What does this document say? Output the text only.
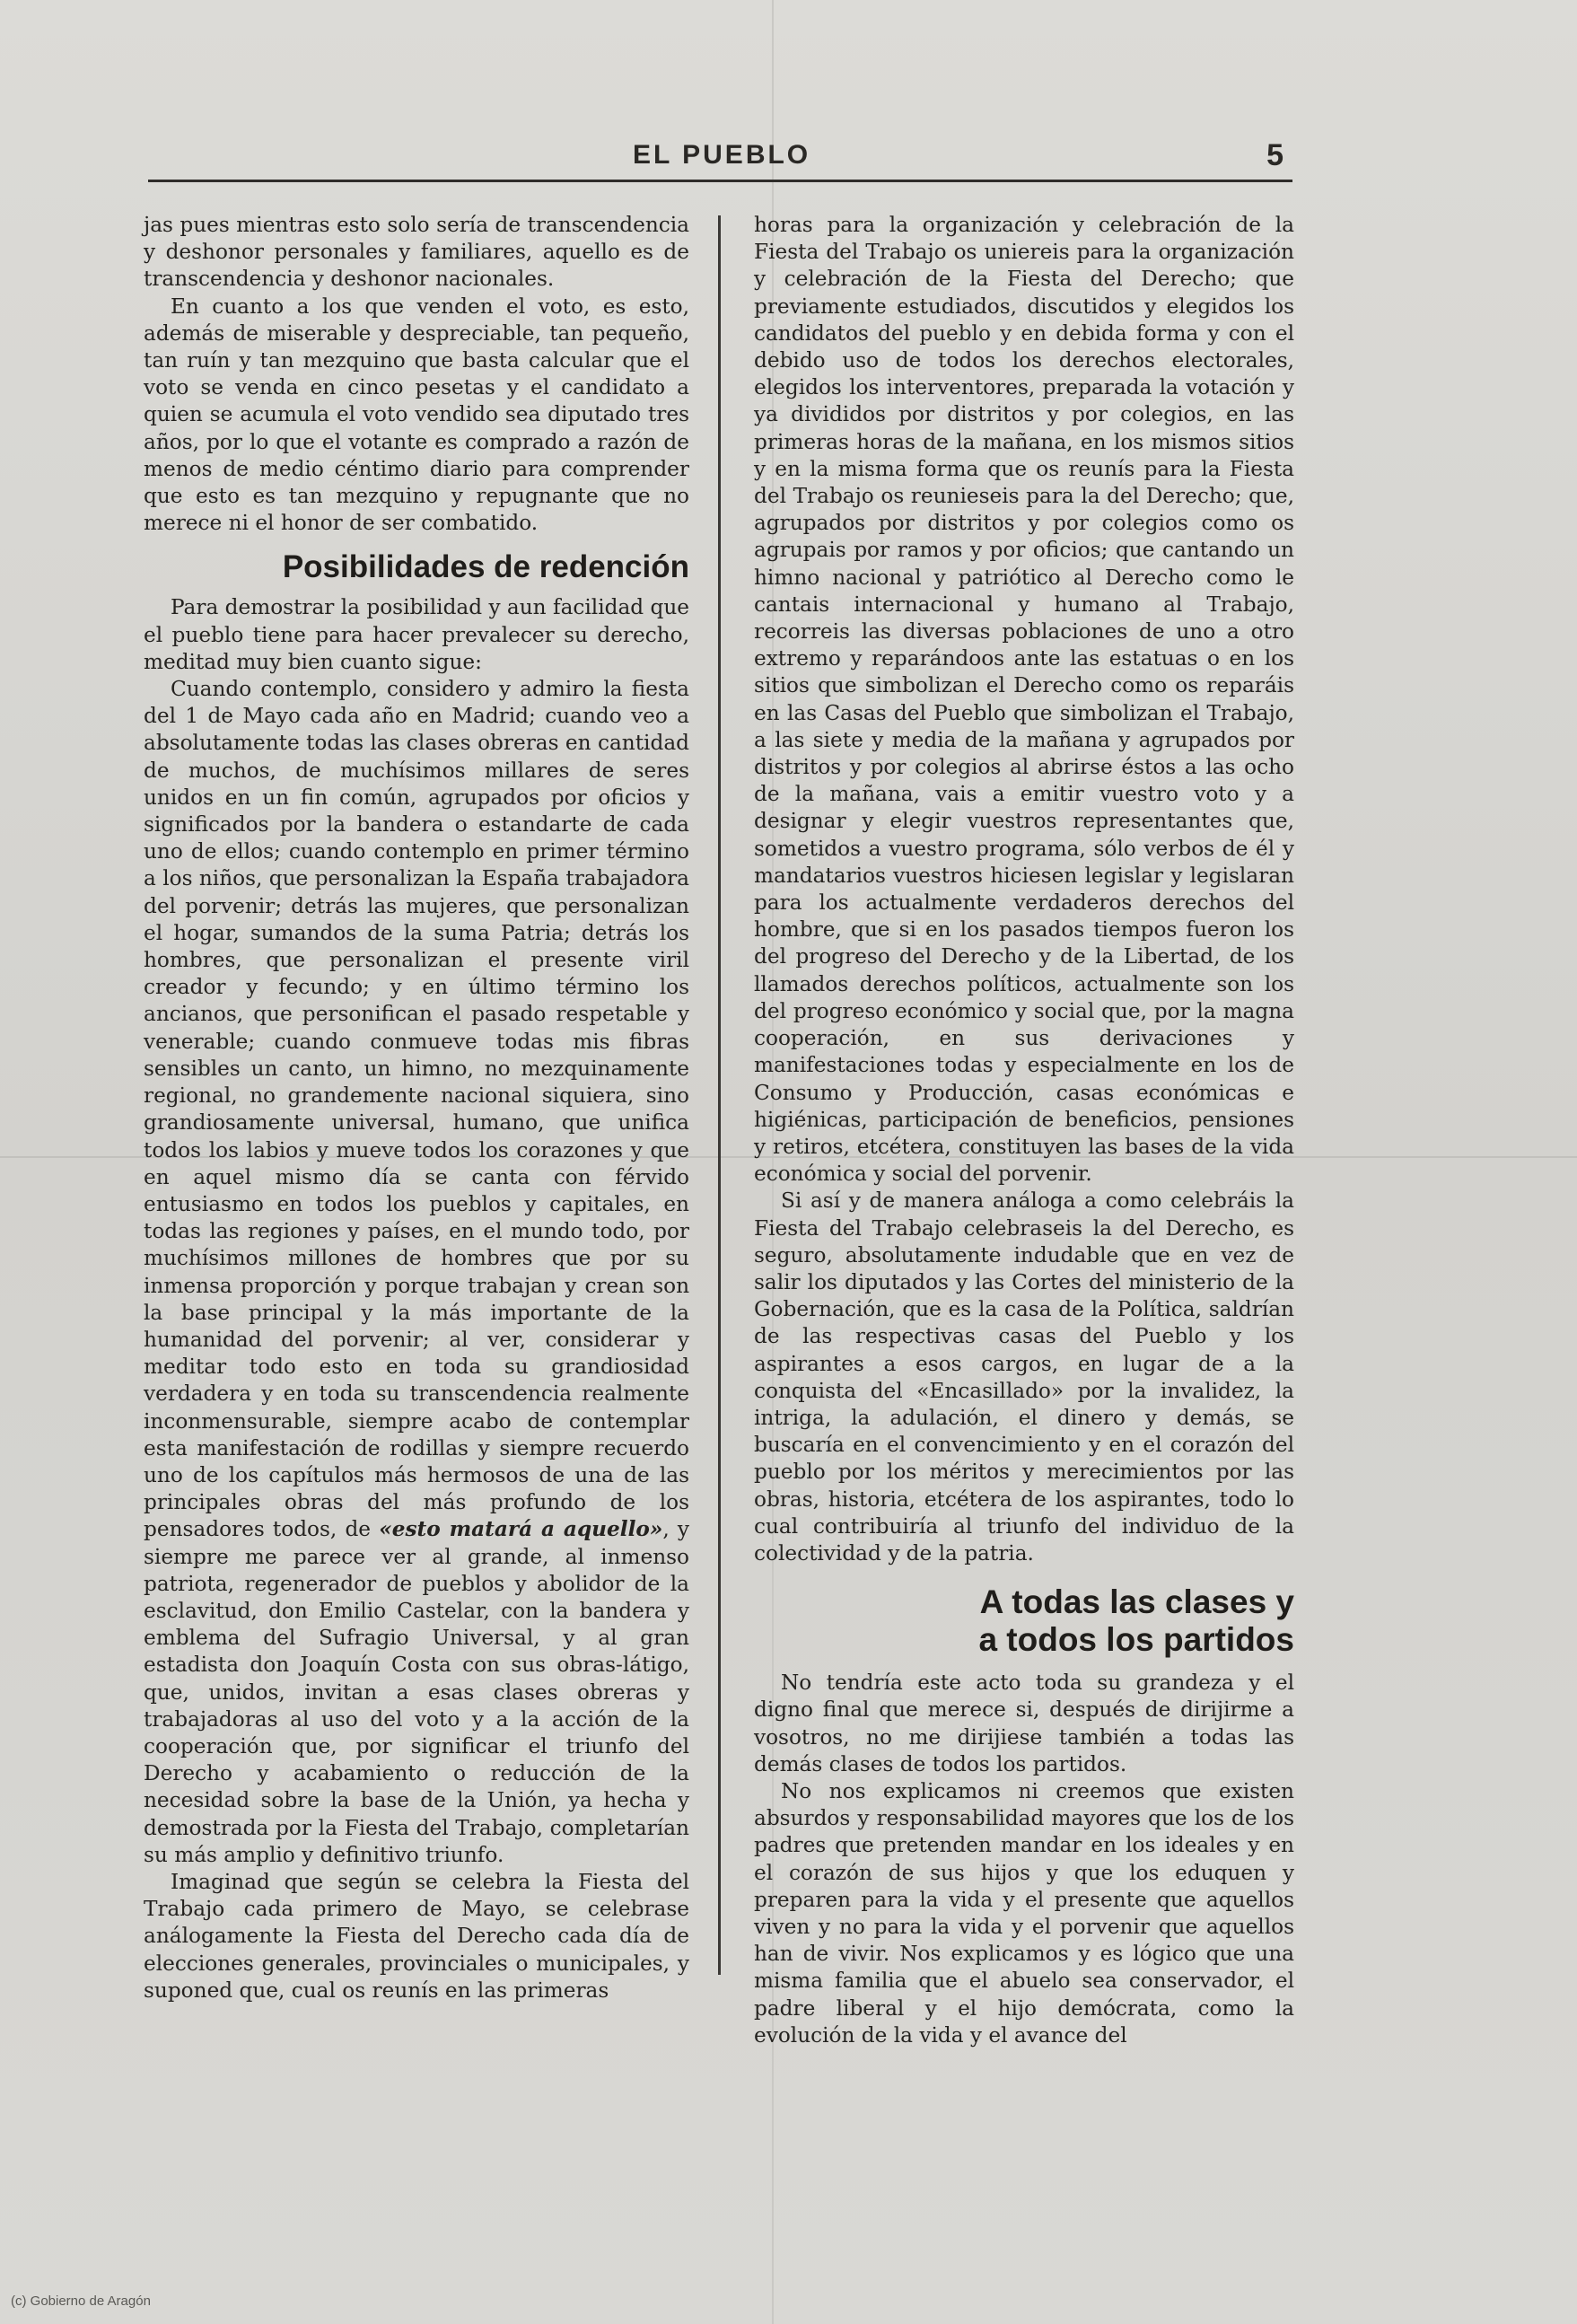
EL PUEBLO	5

jas pues mientras esto solo sería de transcendencia y deshonor personales y familiares, aquello es de transcendencia y deshonor nacionales.

En cuanto a los que venden el voto, es esto, además de miserable y despreciable, tan pequeño, tan ruín y tan mezquino que basta calcular que el voto se venda en cinco pesetas y el candidato a quien se acumula el voto vendido sea diputado tres años, por lo que el votante es comprado a razón de menos de medio céntimo diario para comprender que esto es tan mezquino y repugnante que no merece ni el honor de ser combatido.

Posibilidades de redención

Para demostrar la posibilidad y aun facilidad que el pueblo tiene para hacer prevalecer su derecho, meditad muy bien cuanto sigue:

Cuando contemplo, considero y admiro la fiesta del 1 de Mayo cada año en Madrid; cuando veo a absolutamente todas las clases obreras en cantidad de muchos, de muchísimos millares de seres unidos en un fin común, agrupados por oficios y significados por la bandera o estandarte de cada uno de ellos; cuando contemplo en primer término a los niños, que personalizan la España trabajadora del porvenir; detrás las mujeres, que personalizan el hogar, sumandos de la suma Patria; detrás los hombres, que personalizan el presente viril creador y fecundo; y en último término los ancianos, que personifican el pasado respetable y venerable; cuando conmueve todas mis fibras sensibles un canto, un himno, no mezquinamente regional, no grandemente nacional siquiera, sino grandiosamente universal, humano, que unifica todos los labios y mueve todos los corazones y que en aquel mismo día se canta con férvido entusiasmo en todos los pueblos y capitales, en todas las regiones y países, en el mundo todo, por muchísimos millones de hombres que por su inmensa proporción y porque trabajan y crean son la base principal y la más importante de la humanidad del porvenir; al ver, considerar y meditar todo esto en toda su grandiosidad verdadera y en toda su transcendencia realmente inconmensurable, siempre acabo de contemplar esta manifestación de rodillas y siempre recuerdo uno de los capítulos más hermosos de una de las principales obras del más profundo de los pensadores todos, de «esto matará a aquello», y siempre me parece ver al grande, al inmenso patriota, regenerador de pueblos y abolidor de la esclavitud, don Emilio Castelar, con la bandera y emblema del Sufragio Universal, y al gran estadista don Joaquín Costa con sus obras-látigo, que, unidos, invitan a esas clases obreras y trabajadoras al uso del voto y a la acción de la cooperación que, por significar el triunfo del Derecho y acabamiento o reducción de la necesidad sobre la base de la Unión, ya hecha y demostrada por la Fiesta del Trabajo, completarían su más amplio y definitivo triunfo.

Imaginad que según se celebra la Fiesta del Trabajo cada primero de Mayo, se celebrase análogamente la Fiesta del Derecho cada día de elecciones generales, provinciales o municipales, y suponed que, cual os reunís en las primeras

horas para la organización y celebración de la Fiesta del Trabajo os uniereis para la organización y celebración de la Fiesta del Derecho; que previamente estudiados, discutidos y elegidos los candidatos del pueblo y en debida forma y con el debido uso de todos los derechos electorales, elegidos los interventores, preparada la votación y ya divididos por distritos y por colegios, en las primeras horas de la mañana, en los mismos sitios y en la misma forma que os reunís para la Fiesta del Trabajo os reunieseis para la del Derecho; que, agrupados por distritos y por colegios como os agrupais por ramos y por oficios; que cantando un himno nacional y patriótico al Derecho como le cantais internacional y humano al Trabajo, recorreis las diversas poblaciones de uno a otro extremo y reparándoos ante las estatuas o en los sitios que simbolizan el Derecho como os reparáis en las Casas del Pueblo que simbolizan el Trabajo, a las siete y media de la mañana y agrupados por distritos y por colegios al abrirse éstos a las ocho de la mañana, vais a emitir vuestro voto y a designar y elegir vuestros representantes que, sometidos a vuestro programa, sólo verbos de él y mandatarios vuestros hiciesen legislar y legislaran para los actualmente verdaderos derechos del hombre, que si en los pasados tiempos fueron los del progreso del Derecho y de la Libertad, de los llamados derechos políticos, actualmente son los del progreso económico y social que, por la magna cooperación, en sus derivaciones y manifestaciones todas y especialmente en los de Consumo y Producción, casas económicas e higiénicas, participación de beneficios, pensiones y retiros, etcétera, constituyen las bases de la vida económica y social del porvenir.

Si así y de manera análoga a como celebráis la Fiesta del Trabajo celebraseis la del Derecho, es seguro, absolutamente indudable que en vez de salir los diputados y las Cortes del ministerio de la Gobernación, que es la casa de la Política, saldrían de las respectivas casas del Pueblo y los aspirantes a esos cargos, en lugar de a la conquista del «Encasillado» por la invalidez, la intriga, la adulación, el dinero y demás, se buscaría en el convencimiento y en el corazón del pueblo por los méritos y merecimientos por las obras, historia, etcétera de los aspirantes, todo lo cual contribuiría al triunfo del individuo de la colectividad y de la patria.

A todas las clases y
a todos los partidos

No tendría este acto toda su grandeza y el digno final que merece si, después de dirijirme a vosotros, no me dirijiese también a todas las demás clases de todos los partidos.

No nos explicamos ni creemos que existen absurdos y responsabilidad mayores que los de los padres que pretenden mandar en los ideales y en el corazón de sus hijos y que los eduquen y preparen para la vida y el presente que aquellos viven y no para la vida y el porvenir que aquellos han de vivir. Nos explicamos y es lógico que una misma familia que el abuelo sea conservador, el padre liberal y el hijo demócrata, como la evolución de la vida y el avance del

(c) Gobierno de Aragón
